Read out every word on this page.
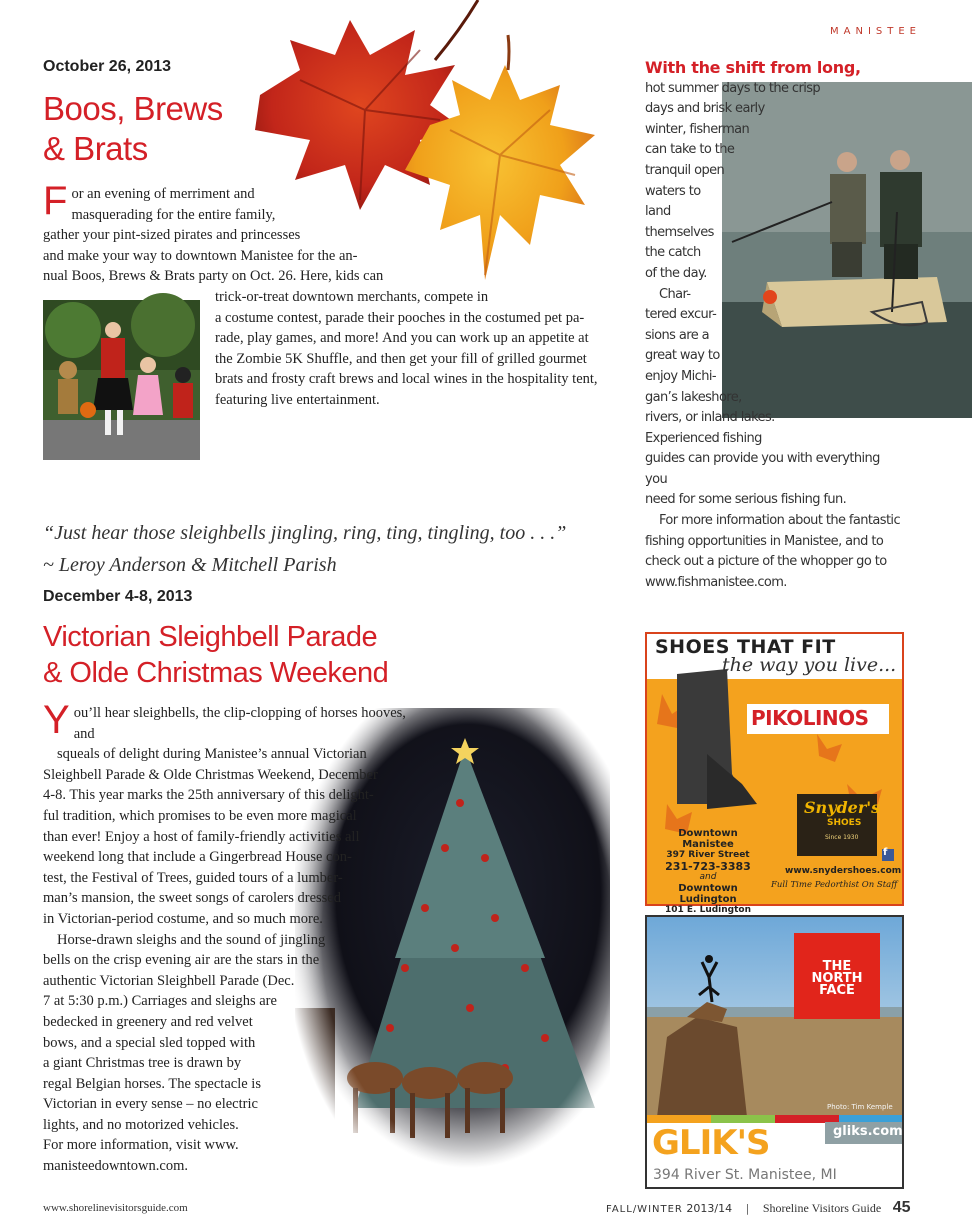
MANISTEE
October 26, 2013
Boos, Brews
& Brats
F or an evening of merriment and
masquerading for the entire family,
gather your pint-sized pirates and princesses
and make your way to downtown Manistee for the an-
nual Boos, Brews & Brats party on Oct. 26. Here, kids can
trick-or-treat downtown merchants, compete in
a costume contest, parade their pooches in the costumed pet pa-
rade, play games, and more! And you can work up an appetite at
the Zombie 5K Shuffle, and then get your fill of grilled gourmet
brats and frosty craft brews and local wines in the hospitality tent,
featuring live entertainment.
“Just hear those sleighbells jingling, ring, ting, tingling, too . . .”
~ Leroy Anderson & Mitchell Parish
December 4-8, 2013
Victorian Sleighbell Parade
& Olde Christmas Weekend
Y ou’ll hear sleighbells, the clip-clopping of horses hooves, and
squeals of delight during Manistee’s annual Victorian
Sleighbell Parade & Olde Christmas Weekend, December
4-8. This year marks the 25th anniversary of this delight-
ful tradition, which promises to be even more magical
than ever! Enjoy a host of family-friendly activities all
weekend long that include a Gingerbread House con-
test, the Festival of Trees, guided tours of a lumber-
man’s mansion, the sweet songs of carolers dressed
in Victorian-period costume, and so much more.
Horse-drawn sleighs and the sound of jingling
bells on the crisp evening air are the stars in the
authentic Victorian Sleighbell Parade (Dec.
7 at 5:30 p.m.) Carriages and sleighs are
bedecked in greenery and red velvet
bows, and a special sled topped with
a giant Christmas tree is drawn by
regal Belgian horses. The spectacle is
Victorian in every sense – no electric
lights, and no motorized vehicles.
For more information, visit www.
manisteedowntown.com.
With the shift from long,
hot summer days to the crisp
days and brisk early
winter, fisherman
can take to the
tranquil open
waters to
land
themselves
the catch
of the day.
Char-
tered excur-
sions are a
great way to
enjoy Michi-
gan’s lakeshore,
rivers, or inland lakes.
Experienced fishing
guides can provide you with everything you
need for some serious fishing fun.
For more information about the fantastic
fishing opportunities in Manistee, and to
check out a picture of the whopper go to
www.fishmanistee.com.
SHOES THAT FIT
the way you live...
PIKOLINOS
Snyder's
SHOES
Since 1930
f
Downtown Manistee
397 River Street
231-723-3383
and
Downtown Ludington
101 E. Ludington
www.snydershoes.com
Full Time Pedorthist On Staff
THE
NORTH
FACE
Photo: Tim Kemple
gliks.com
GLIK'S
394 River St. Manistee, MI
www.shorelinevisitorsguide.com	FALL/WINTER 2013/14 | Shoreline Visitors Guide 45
